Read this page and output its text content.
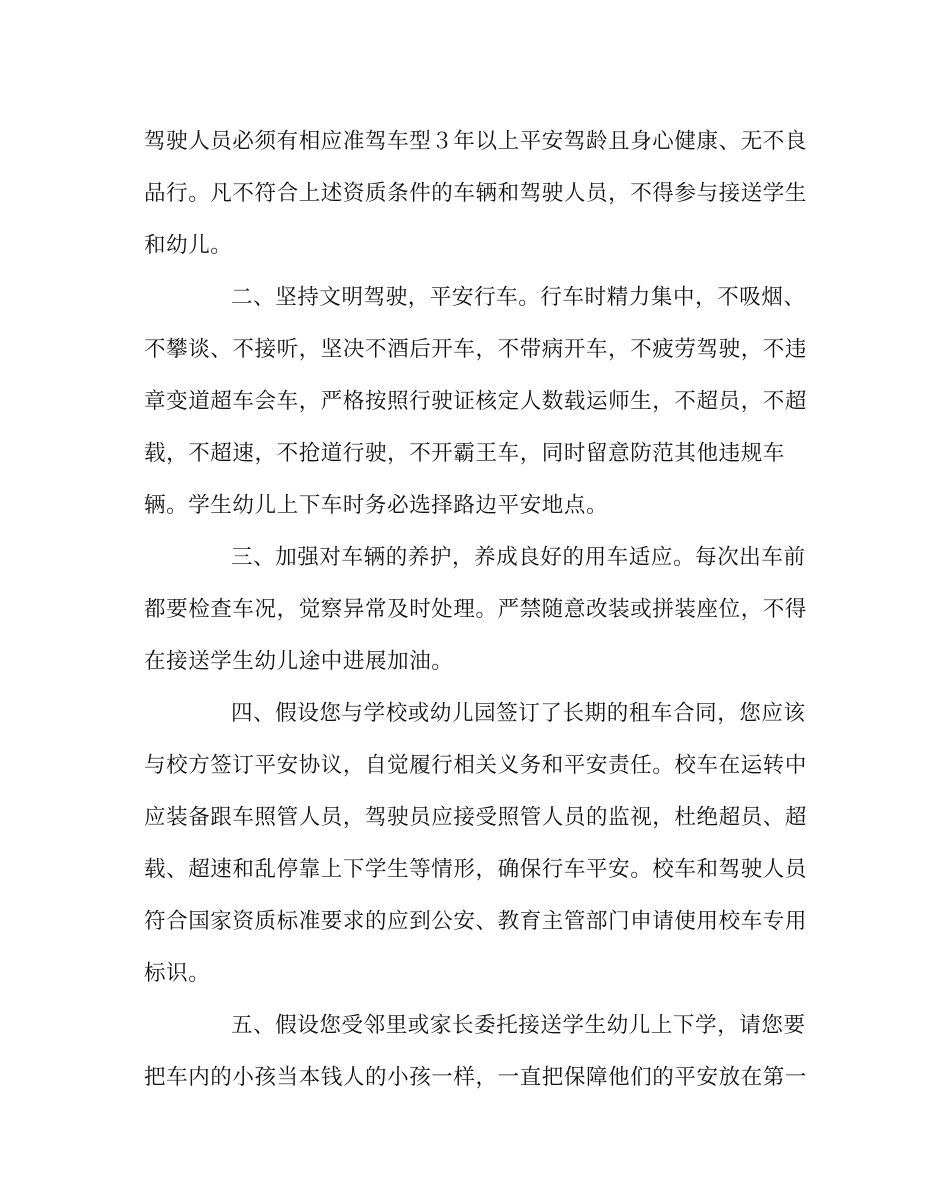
驾驶人员必须有相应准驾车型３年以上平安驾龄且身心健康、无不良
品行。凡不符合上述资质条件的车辆和驾驶人员，不得参与接送学生
和幼儿。
二、坚持文明驾驶，平安行车。行车时精力集中，不吸烟、
不攀谈、不接听，坚决不酒后开车，不带病开车，不疲劳驾驶，不违
章变道超车会车，严格按照行驶证核定人数载运师生，不超员，不超
载，不超速，不抢道行驶，不开霸王车，同时留意防范其他违规车
辆。学生幼儿上下车时务必选择路边平安地点。
三、加强对车辆的养护，养成良好的用车适应。每次出车前
都要检查车况，觉察异常及时处理。严禁随意改装或拼装座位，不得
在接送学生幼儿途中进展加油。
四、假设您与学校或幼儿园签订了长期的租车合同，您应该
与校方签订平安协议，自觉履行相关义务和平安责任。校车在运转中
应装备跟车照管人员，驾驶员应接受照管人员的监视，杜绝超员、超
载、超速和乱停靠上下学生等情形，确保行车平安。校车和驾驶人员
符合国家资质标准要求的应到公安、教育主管部门申请使用校车专用
标识。
五、假设您受邻里或家长委托接送学生幼儿上下学，请您要
把车内的小孩当本钱人的小孩一样，一直把保障他们的平安放在第一
